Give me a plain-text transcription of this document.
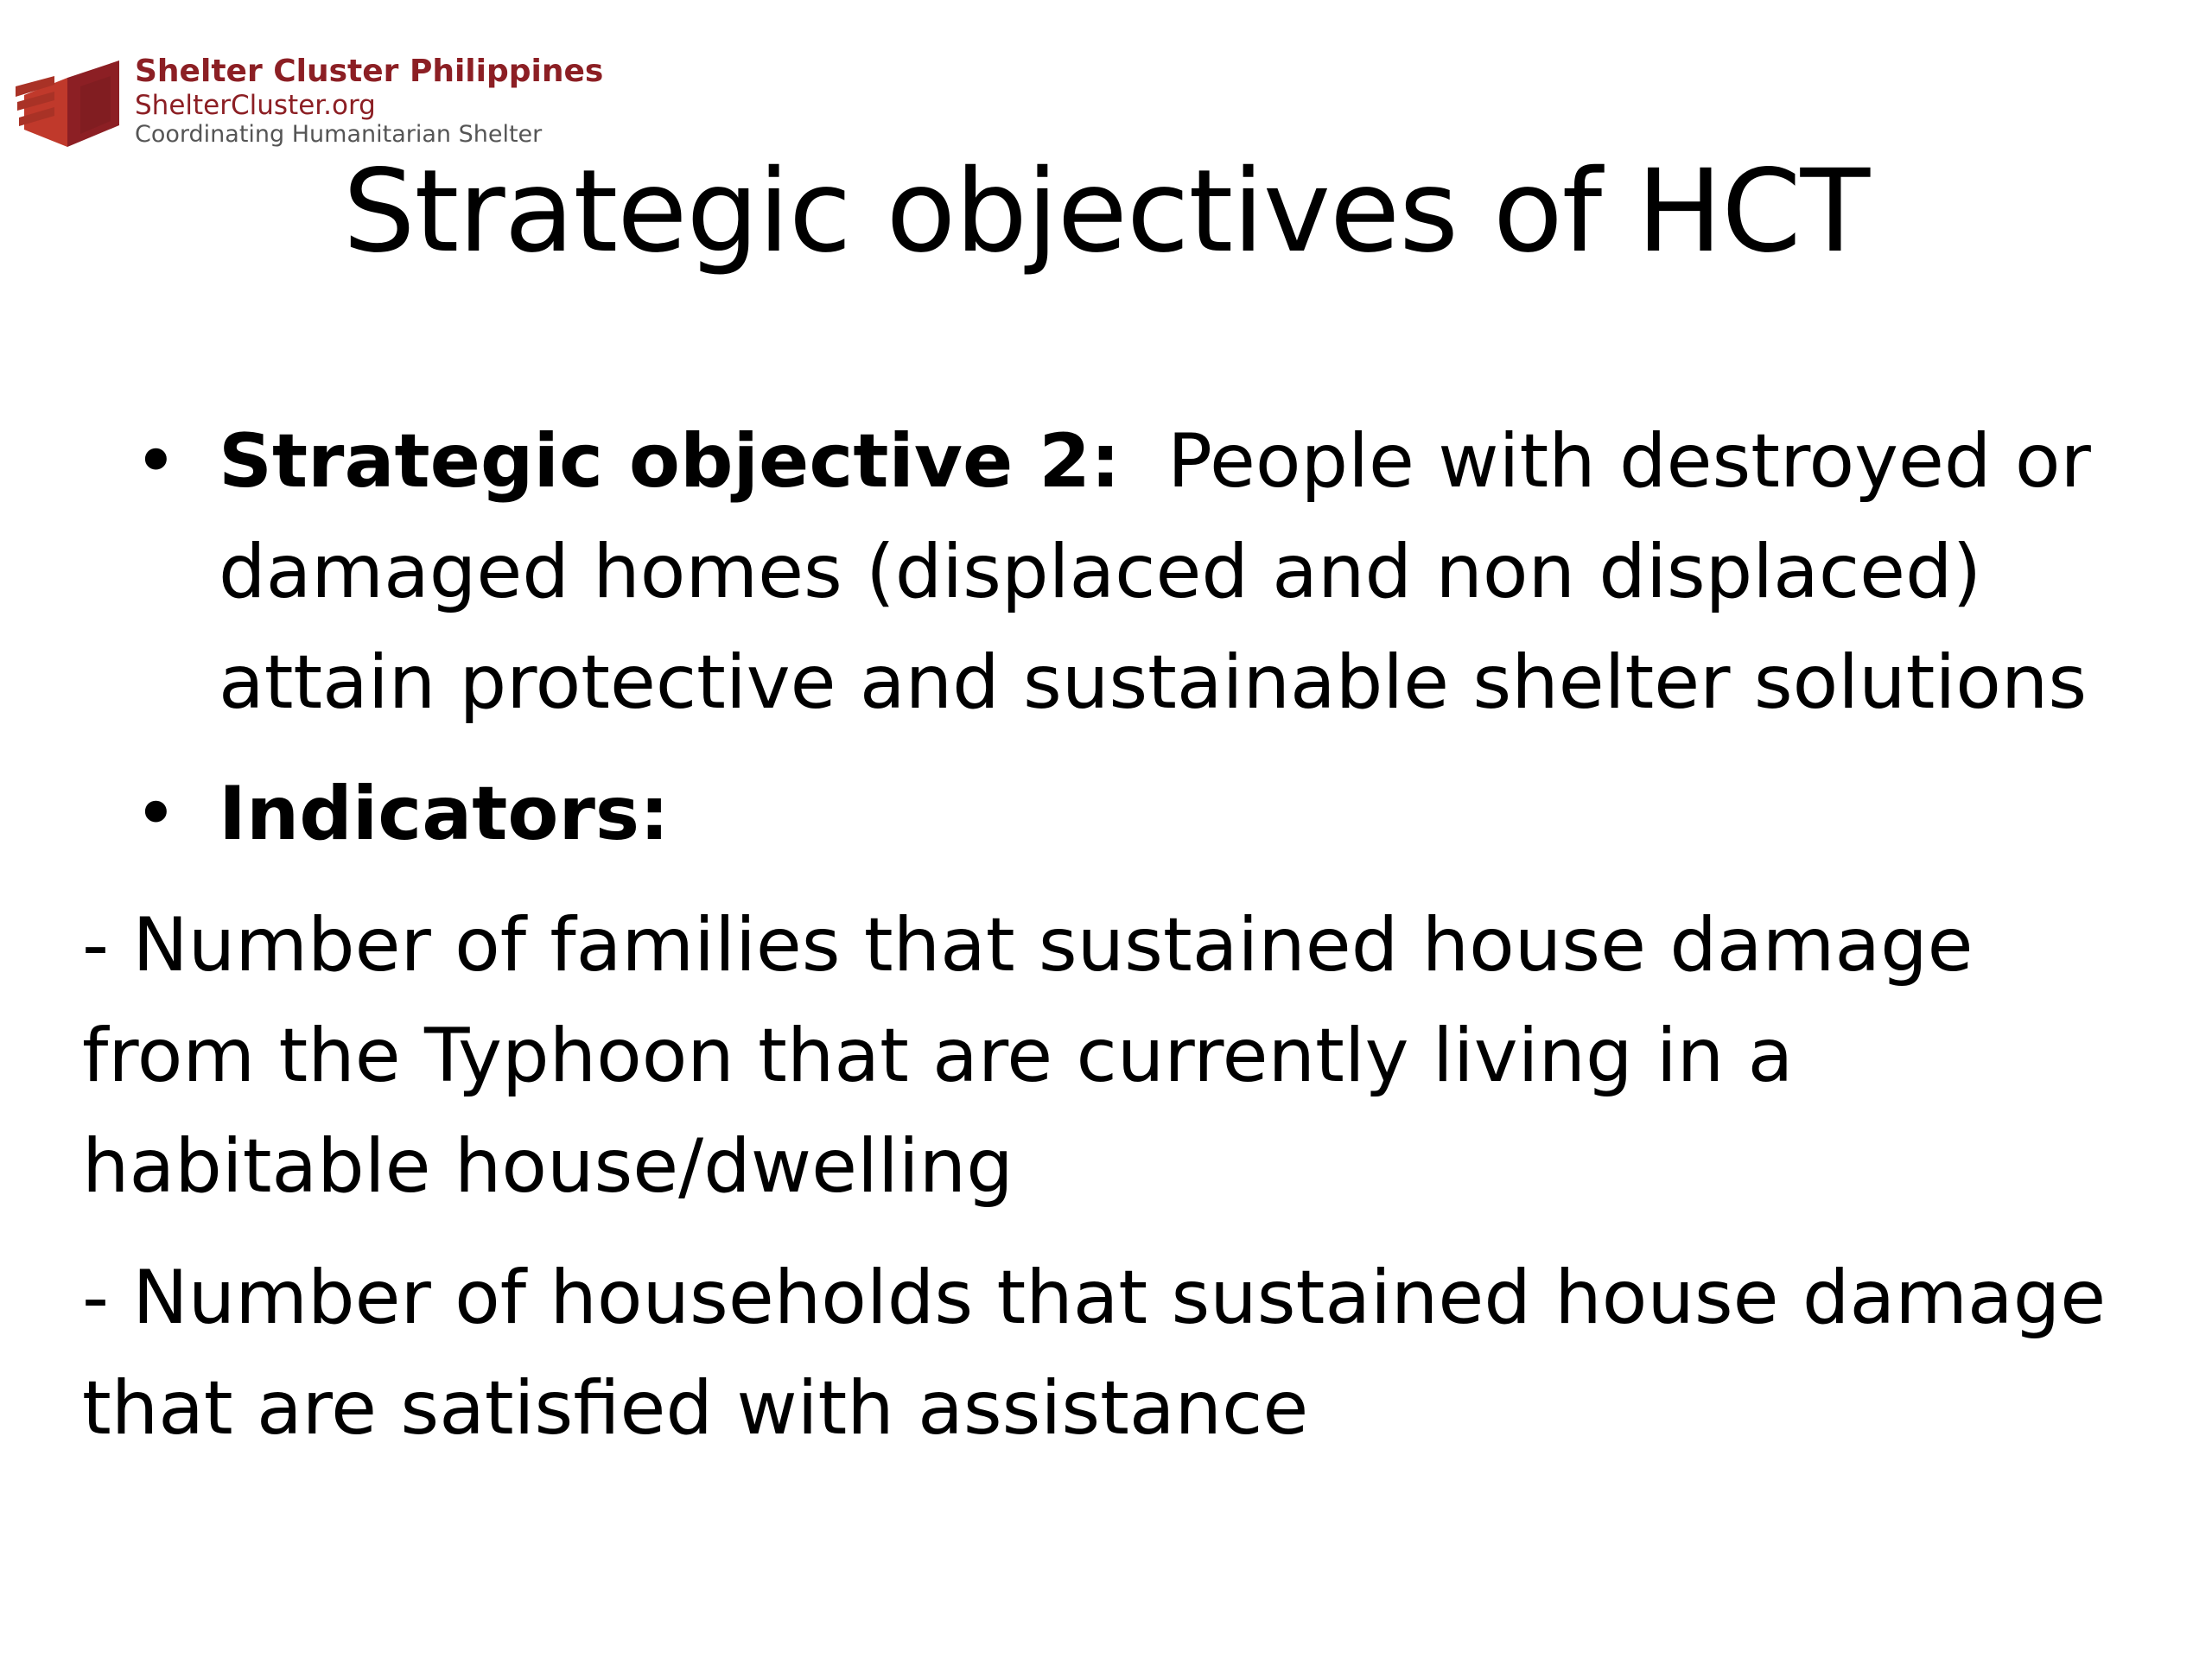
Shelter Cluster Philippines
ShelterCluster.org
Coordinating Humanitarian Shelter
Strategic objectives of HCT
• Strategic objective 2: People with destroyed or damaged homes (displaced and non displaced) attain protective and sustainable shelter solutions
• Indicators:
- Number of families that sustained house damage from the Typhoon that are currently living in a habitable house/dwelling
- Number of households that sustained house damage that are satisfied with assistance
